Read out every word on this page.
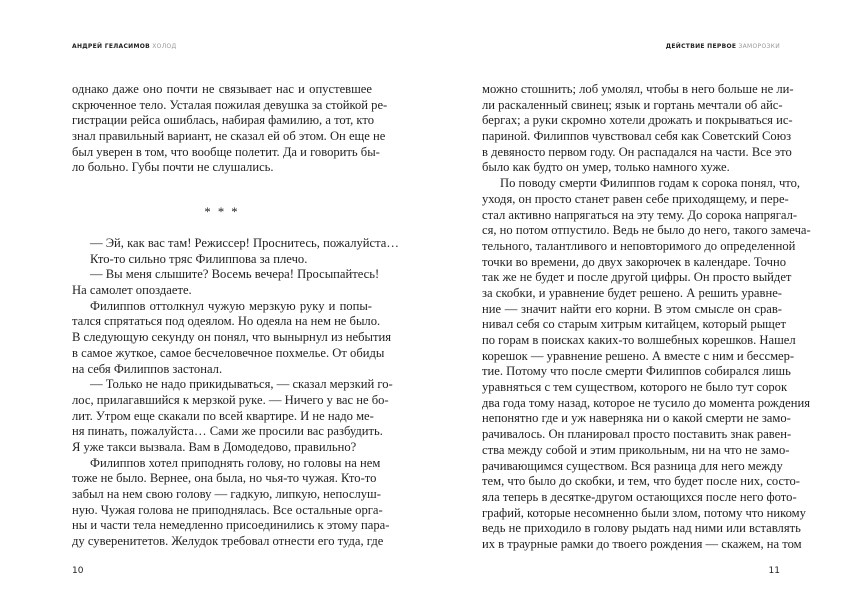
АНДРЕЙ ГЕЛАСИМОВ ХОЛОД	ДЕЙСТВИЕ ПЕРВОЕ ЗАМОРОЗКИ
однако даже оно почти не связывает нас и опустевшее
скрюченное тело. Усталая пожилая девушка за стойкой ре-
гистрации рейса ошиблась, набирая фамилию, а тот, кто
знал правильный вариант, не сказал ей об этом. Он еще не
был уверен в том, что вообще полетит. Да и говорить бы-
ло больно. Губы почти не слушались.
* * *
— Эй, как вас там! Режиссер! Проснитесь, пожалуйста…
Кто-то сильно тряс Филиппова за плечо.
— Вы меня слышите? Восемь вечера! Просыпайтесь!
На самолет опоздаете.
Филиппов оттолкнул чужую мерзкую руку и попы-
тался спрятаться под одеялом. Но одеяла на нем не было.
В следующую секунду он понял, что вынырнул из небытия
в самое жуткое, самое бесчеловечное похмелье. От обиды
на себя Филиппов застонал.
— Только не надо прикидываться, — сказал мерзкий го-
лос, прилагавшийся к мерзкой руке. — Ничего у вас не бо-
лит. Утром еще скакали по всей квартире. И не надо ме-
ня пинать, пожалуйста… Сами же просили вас разбудить.
Я уже такси вызвала. Вам в Домодедово, правильно?
Филиппов хотел приподнять голову, но головы на нем
тоже не было. Вернее, она была, но чья-то чужая. Кто-то
забыл на нем свою голову — гадкую, липкую, непослуш-
ную. Чужая голова не приподнялась. Все остальные орга-
ны и части тела немедленно присоединились к этому пара-
ду суверенитетов. Желудок требовал отнести его туда, где
можно стошнить; лоб умолял, чтобы в него больше не ли-
ли раскаленный свинец; язык и гортань мечтали об айс-
бергах; а руки скромно хотели дрожать и покрываться ис-
париной. Филиппов чувствовал себя как Советский Союз
в девяносто первом году. Он распадался на части. Все это
было как будто он умер, только намного хуже.
По поводу смерти Филиппов годам к сорока понял, что,
уходя, он просто станет равен себе приходящему, и пере-
стал активно напрягаться на эту тему. До сорока напрягал-
ся, но потом отпустило. Ведь не было до него, такого замеча-
тельного, талантливого и неповторимого до определенной
точки во времени, до двух закорючек в календаре. Точно
так же не будет и после другой цифры. Он просто выйдет
за скобки, и уравнение будет решено. А решить уравне-
ние — значит найти его корни. В этом смысле он срав-
нивал себя со старым хитрым китайцем, который рыщет
по горам в поисках каких-то волшебных корешков. Нашел
корешок — уравнение решено. А вместе с ним и бессмер-
тие. Потому что после смерти Филиппов собирался лишь
уравняться с тем существом, которого не было тут сорок
два года тому назад, которое не тусило до момента рождения
непонятно где и уж наверняка ни о какой смерти не замо-
рачивалось. Он планировал просто поставить знак равен-
ства между собой и этим прикольным, ни на что не замо-
рачивающимся существом. Вся разница для него между
тем, что было до скобки, и тем, что будет после них, состо-
яла теперь в десятке-другом остающихся после него фото-
графий, которые несомненно были злом, потому что никому
ведь не приходило в голову рыдать над ними или вставлять
их в траурные рамки до твоего рождения — скажем, на том
10	11
